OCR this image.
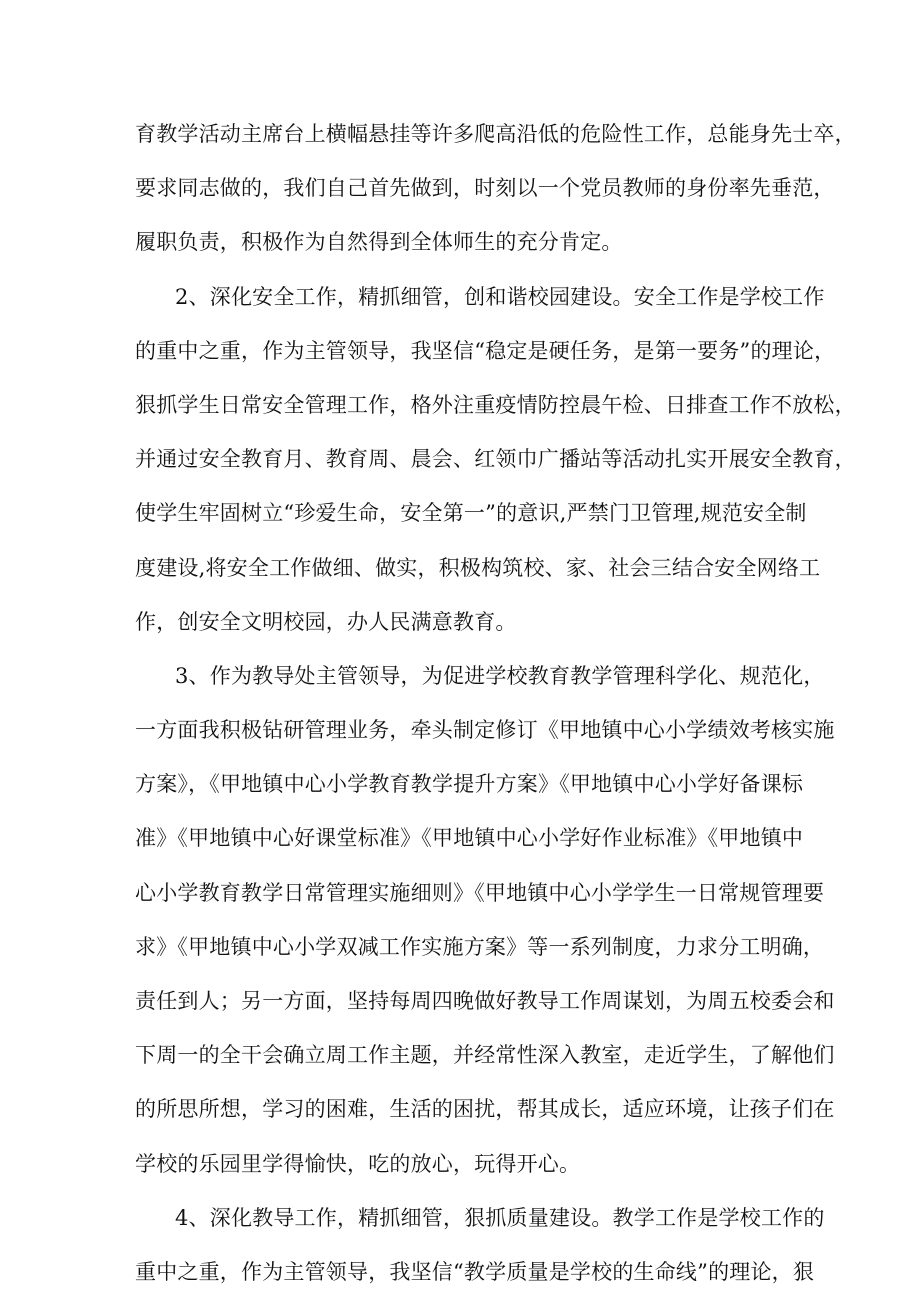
育教学活动主席台上横幅悬挂等许多爬高沿低的危险性工作，总能身先士卒，
要求同志做的，我们自己首先做到，时刻以一个党员教师的身份率先垂范，
履职负责，积极作为自然得到全体师生的充分肯定。
2、深化安全工作，精抓细管，创和谐校园建设。安全工作是学校工作
的重中之重，作为主管领导，我坚信“稳定是硬任务，是第一要务”的理论，
狠抓学生日常安全管理工作，格外注重疫情防控晨午检、日排查工作不放松，
并通过安全教育月、教育周、晨会、红领巾广播站等活动扎实开展安全教育，
使学生牢固树立“珍爱生命，安全第一”的意识,严禁门卫管理,规范安全制
度建设,将安全工作做细、做实，积极构筑校、家、社会三结合安全网络工
作，创安全文明校园，办人民满意教育。
3、作为教导处主管领导，为促进学校教育教学管理科学化、规范化，
一方面我积极钻研管理业务，牵头制定修订《甲地镇中心小学绩效考核实施
方案》，《甲地镇中心小学教育教学提升方案》《甲地镇中心小学好备课标
准》《甲地镇中心好课堂标准》《甲地镇中心小学好作业标准》《甲地镇中
心小学教育教学日常管理实施细则》《甲地镇中心小学学生一日常规管理要
求》《甲地镇中心小学双减工作实施方案》等一系列制度，力求分工明确，
责任到人；另一方面，坚持每周四晚做好教导工作周谋划，为周五校委会和
下周一的全干会确立周工作主题，并经常性深入教室，走近学生，了解他们
的所思所想，学习的困难，生活的困扰，帮其成长，适应环境，让孩子们在
学校的乐园里学得愉快，吃的放心，玩得开心。
4、深化教导工作，精抓细管，狠抓质量建设。教学工作是学校工作的
重中之重，作为主管领导，我坚信“教学质量是学校的生命线”的理论，狠
